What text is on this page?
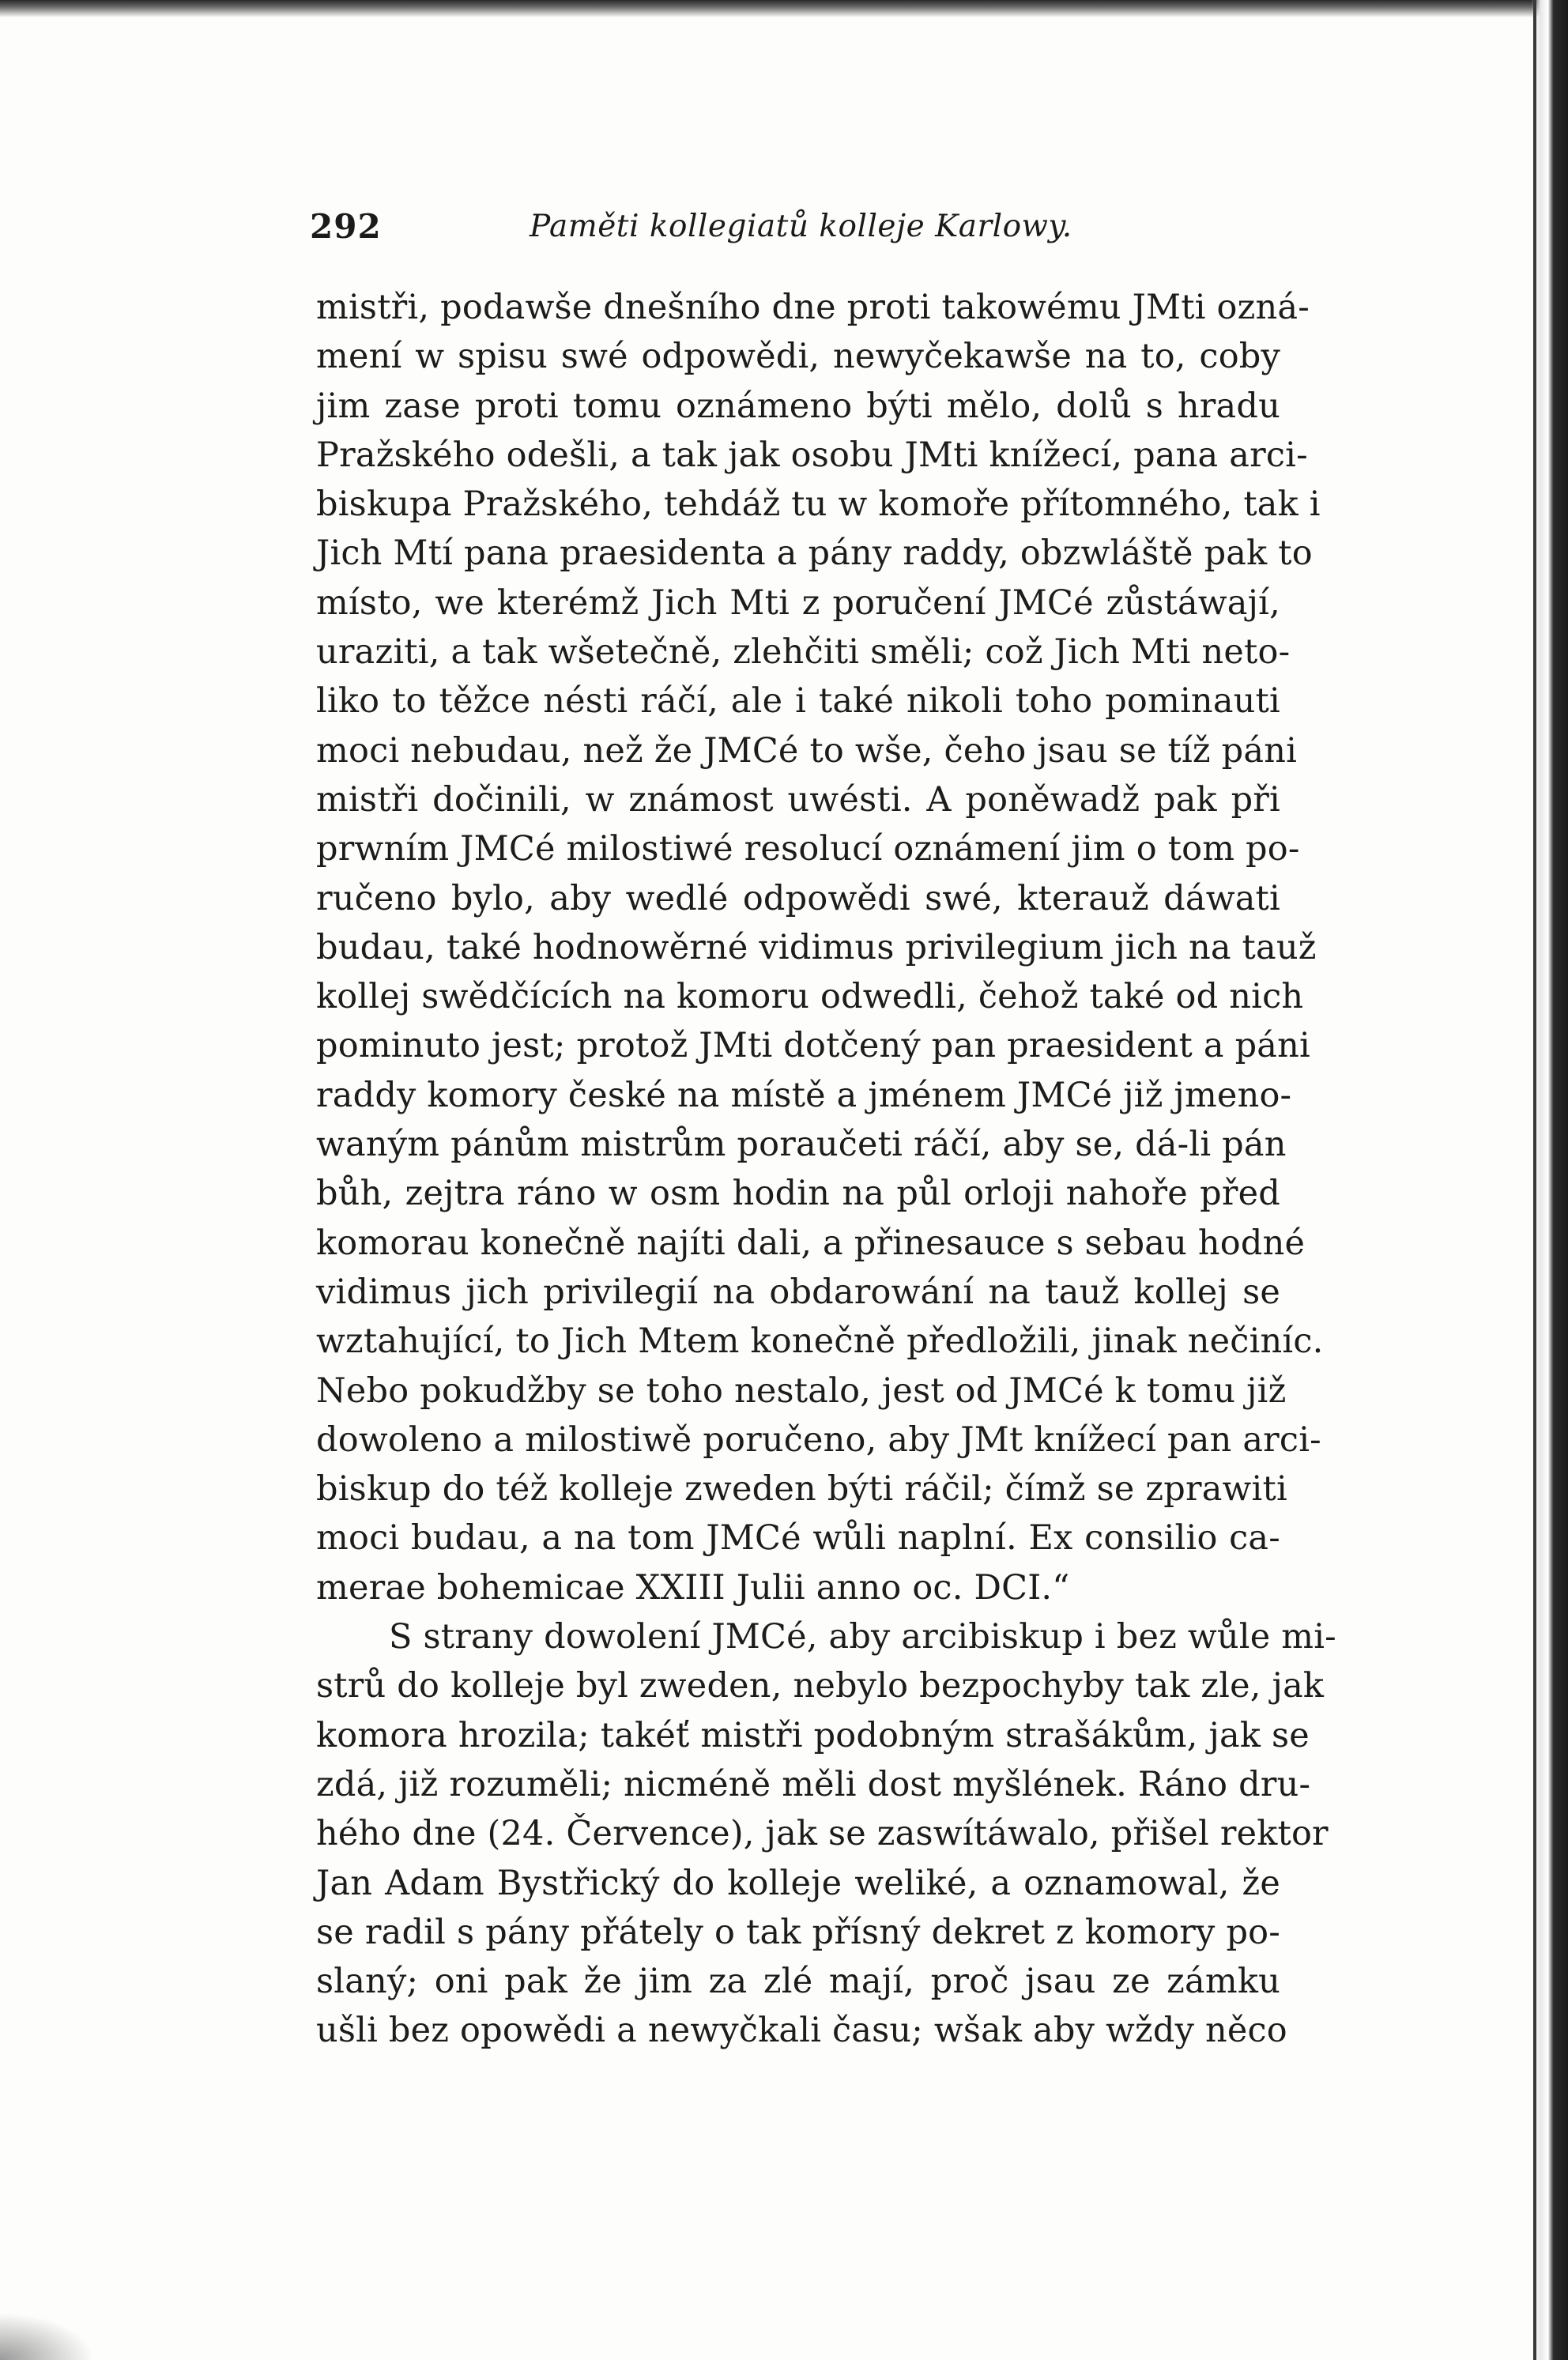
292	Paměti kollegiatů kolleje Karlowy.
mistři, podawše dnešního dne proti takowému JMti ozná-
mení w spisu swé odpowědi, newyčekawše na to, coby
jim zase proti tomu oznámeno býti mělo, dolů s hradu
Pražského odešli, a tak jak osobu JMti knížecí, pana arci-
biskupa Pražského, tehdáž tu w komoře přítomného, tak i
Jich Mtí pana praesidenta a pány raddy, obzwláště pak to
místo, we kterémž Jich Mti z poručení JMCé zůstáwají,
uraziti, a tak wšetečně, zlehčiti směli; což Jich Mti neto-
liko to těžce nésti ráčí, ale i také nikoli toho pominauti
moci nebudau, než že JMCé to wše, čeho jsau se tíž páni
mistři dočinili, w známost uwésti. A poněwadž pak při
prwním JMCé milostiwé resolucí oznámení jim o tom po-
ručeno bylo, aby wedlé odpowědi swé, kterauž dáwati
budau, také hodnowěrné vidimus privilegium jich na tauž
kollej swědčících na komoru odwedli, čehož také od nich
pominuto jest; protož JMti dotčený pan praesident a páni
raddy komory české na místě a jménem JMCé již jmeno-
waným pánům mistrům poraučeti ráčí, aby se, dá-li pán
bůh, zejtra ráno w osm hodin na půl orloji nahoře před
komorau konečně najíti dali, a přinesauce s sebau hodné
vidimus jich privilegií na obdarowání na tauž kollej se
wztahující, to Jich Mtem konečně předložili, jinak nečiníc.
Nebo pokudžby se toho nestalo, jest od JMCé k tomu již
dowoleno a milostiwě poručeno, aby JMt knížecí pan arci-
biskup do též kolleje zweden býti ráčil; čímž se zprawiti
moci budau, a na tom JMCé wůli naplní. Ex consilio ca-
merae bohemicae XXIII Julii anno oc. DCI.“
S strany dowolení JMCé, aby arcibiskup i bez wůle mi-
strů do kolleje byl zweden, nebylo bezpochyby tak zle, jak
komora hrozila; takéť mistři podobným strašákům, jak se
zdá, již rozuměli; nicméně měli dost myšlének. Ráno dru-
hého dne (24. Července), jak se zaswítáwalo, přišel rektor
Jan Adam Bystřický do kolleje weliké, a oznamowal, že
se radil s pány přátely o tak přísný dekret z komory po-
slaný; oni pak že jim za zlé mají, proč jsau ze zámku
ušli bez opowědi a newyčkali času; wšak aby wždy něco
